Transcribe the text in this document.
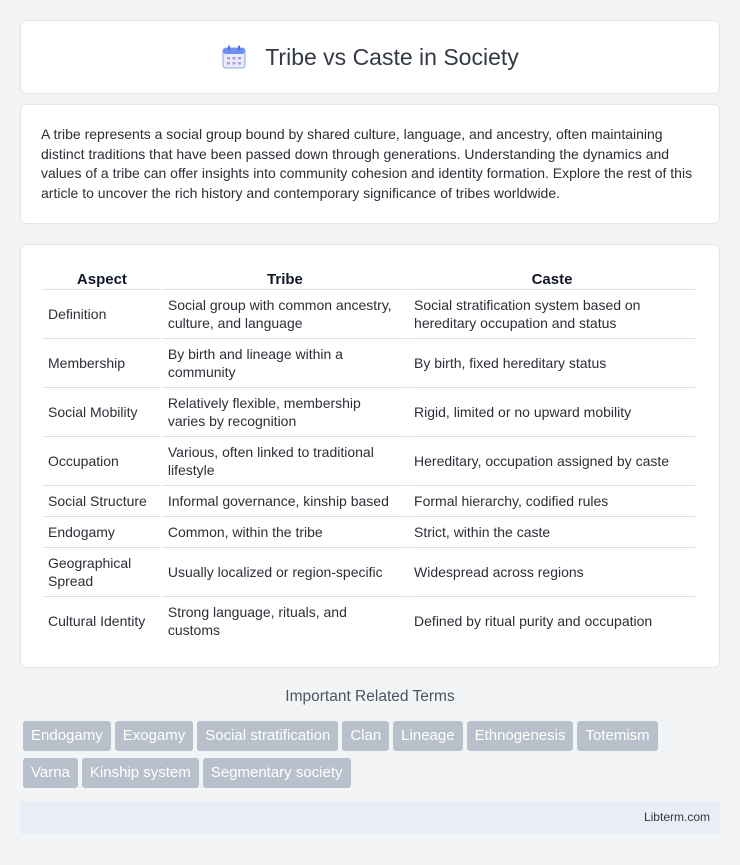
Tribe vs Caste in Society

A tribe represents a social group bound by shared culture, language, and ancestry, often maintaining distinct traditions that have been passed down through generations. Understanding the dynamics and values of a tribe can offer insights into community cohesion and identity formation. Explore the rest of this article to uncover the rich history and contemporary significance of tribes worldwide.

Aspect	Tribe	Caste
Definition	Social group with common ancestry, culture, and language	Social stratification system based on hereditary occupation and status
Membership	By birth and lineage within a community	By birth, fixed hereditary status
Social Mobility	Relatively flexible, membership varies by recognition	Rigid, limited or no upward mobility
Occupation	Various, often linked to traditional lifestyle	Hereditary, occupation assigned by caste
Social Structure	Informal governance, kinship based	Formal hierarchy, codified rules
Endogamy	Common, within the tribe	Strict, within the caste
Geographical Spread	Usually localized or region-specific	Widespread across regions
Cultural Identity	Strong language, rituals, and customs	Defined by ritual purity and occupation
Important Related Terms
Endogamy Exogamy Social stratification Clan Lineage Ethnogenesis Totemism
Varna Kinship system Segmentary society
Libterm.com
